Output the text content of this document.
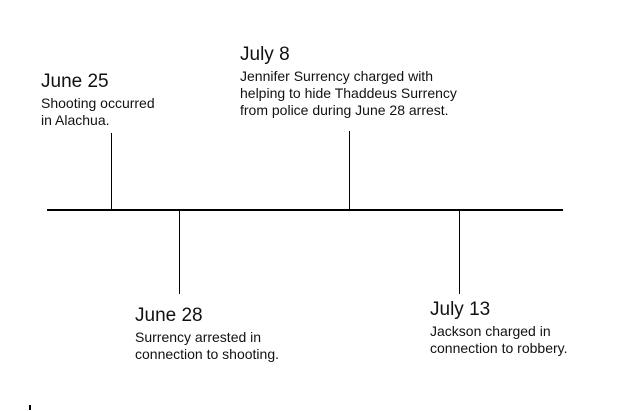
June 25
Shooting occurred
in Alachua.
June 28
Surrency arrested in
connection to shooting.
July 8
Jennifer Surrency charged with
helping to hide Thaddeus Surrency
from police during June 28 arrest.
July 13
Jackson charged in
connection to robbery.
